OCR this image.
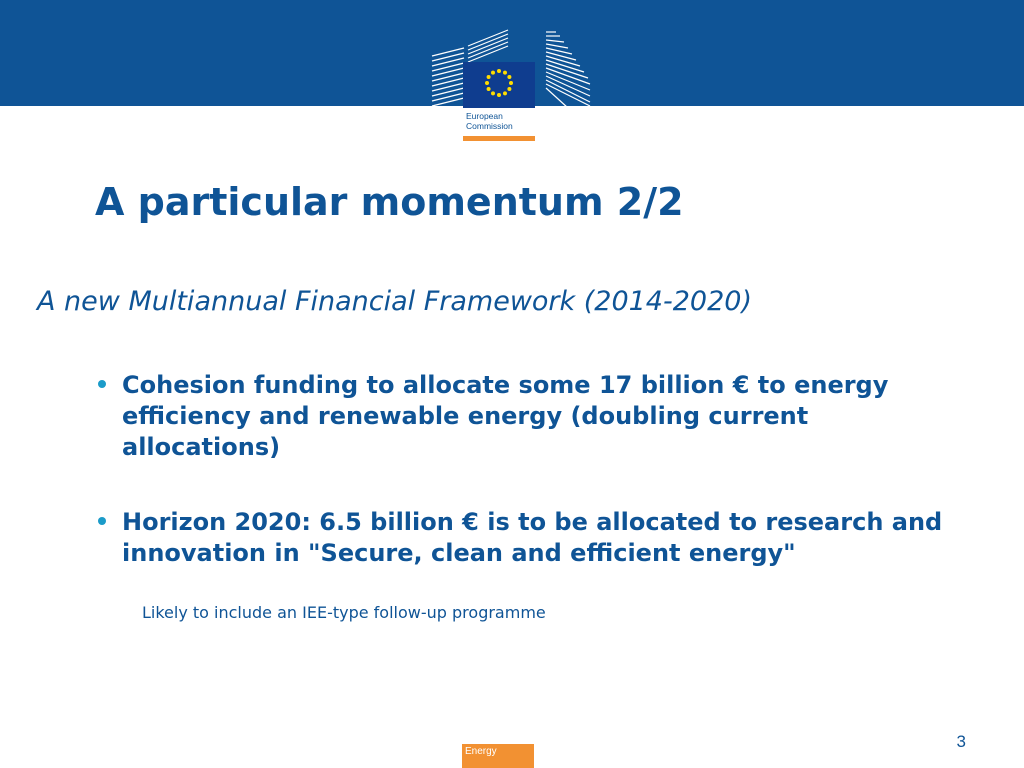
European
Commission
A particular momentum 2/2
A new Multiannual Financial Framework (2014-2020)
Cohesion funding to allocate some 17 billion € to energy efficiency and renewable energy (doubling current allocations)
Horizon 2020: 6.5 billion € is to be allocated to research and innovation in "Secure, clean and efficient energy"
Likely to include an IEE-type follow-up programme
3
Energy
